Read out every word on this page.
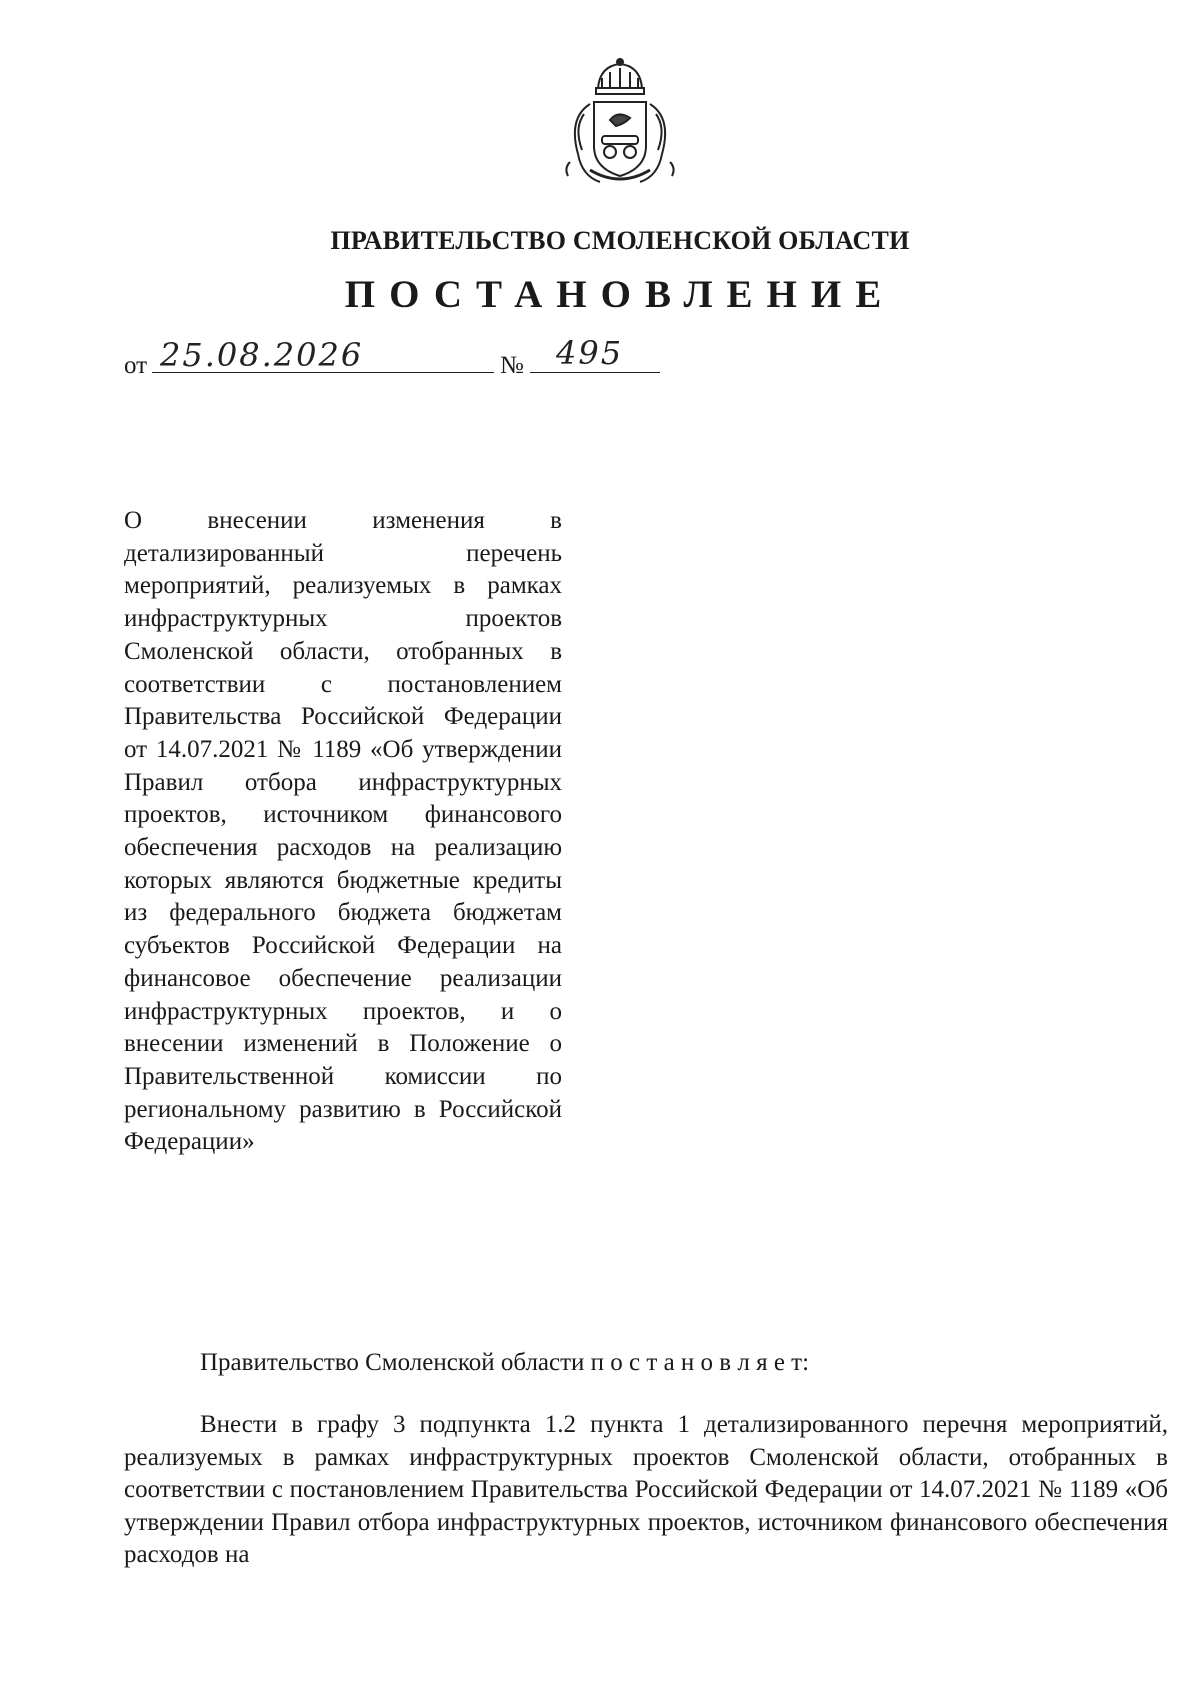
ПРАВИТЕЛЬСТВО СМОЛЕНСКОЙ ОБЛАСТИ
ПОСТАНОВЛЕНИЕ
от 25.08.2026	№ 495
О внесении изменения в детализированный перечень мероприятий, реализуемых в рамках инфраструктурных проектов Смоленской области, отобранных в соответствии с постановлением Правительства Российской Федерации от 14.07.2021 № 1189 «Об утверждении Правил отбора инфраструктурных проектов, источником финансового обеспечения расходов на реализацию которых являются бюджетные кредиты из федерального бюджета бюджетам субъектов Российской Федерации на финансовое обеспечение реализации инфраструктурных проектов, и о внесении изменений в Положение о Правительственной комиссии по региональному развитию в Российской Федерации»
Правительство Смоленской области п о с т а н о в л я е т:
Внести в графу 3 подпункта 1.2 пункта 1 детализированного перечня мероприятий, реализуемых в рамках инфраструктурных проектов Смоленской области, отобранных в соответствии с постановлением Правительства Российской Федерации от 14.07.2021 № 1189 «Об утверждении Правил отбора инфраструктурных проектов, источником финансового обеспечения расходов на
